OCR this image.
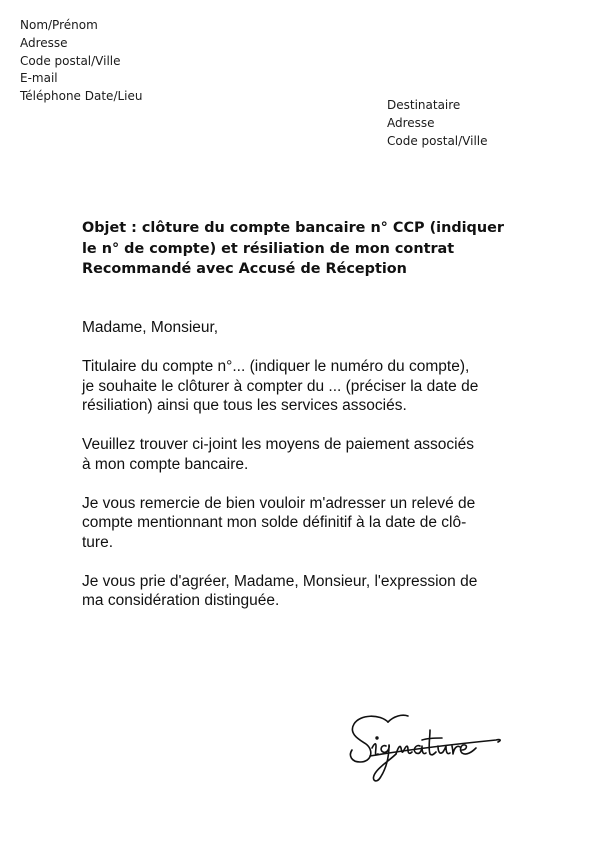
Nom/Prénom
Adresse
Code postal/Ville
E-mail
Téléphone Date/Lieu
Destinataire
Adresse
Code postal/Ville
Objet : clôture du compte bancaire n° CCP (indiquer
le n° de compte) et résiliation de mon contrat
Recommandé avec Accusé de Réception

Madame, Monsieur,

Titulaire du compte n°... (indiquer le numéro du compte),
je souhaite le clôturer à compter du ... (préciser la date de
résiliation) ainsi que tous les services associés.

Veuillez trouver ci-joint les moyens de paiement associés
à mon compte bancaire.

Je vous remercie de bien vouloir m'adresser un relevé de
compte mentionnant mon solde définitif à la date de clô-
ture.

Je vous prie d'agréer, Madame, Monsieur, l'expression de
ma considération distinguée.
